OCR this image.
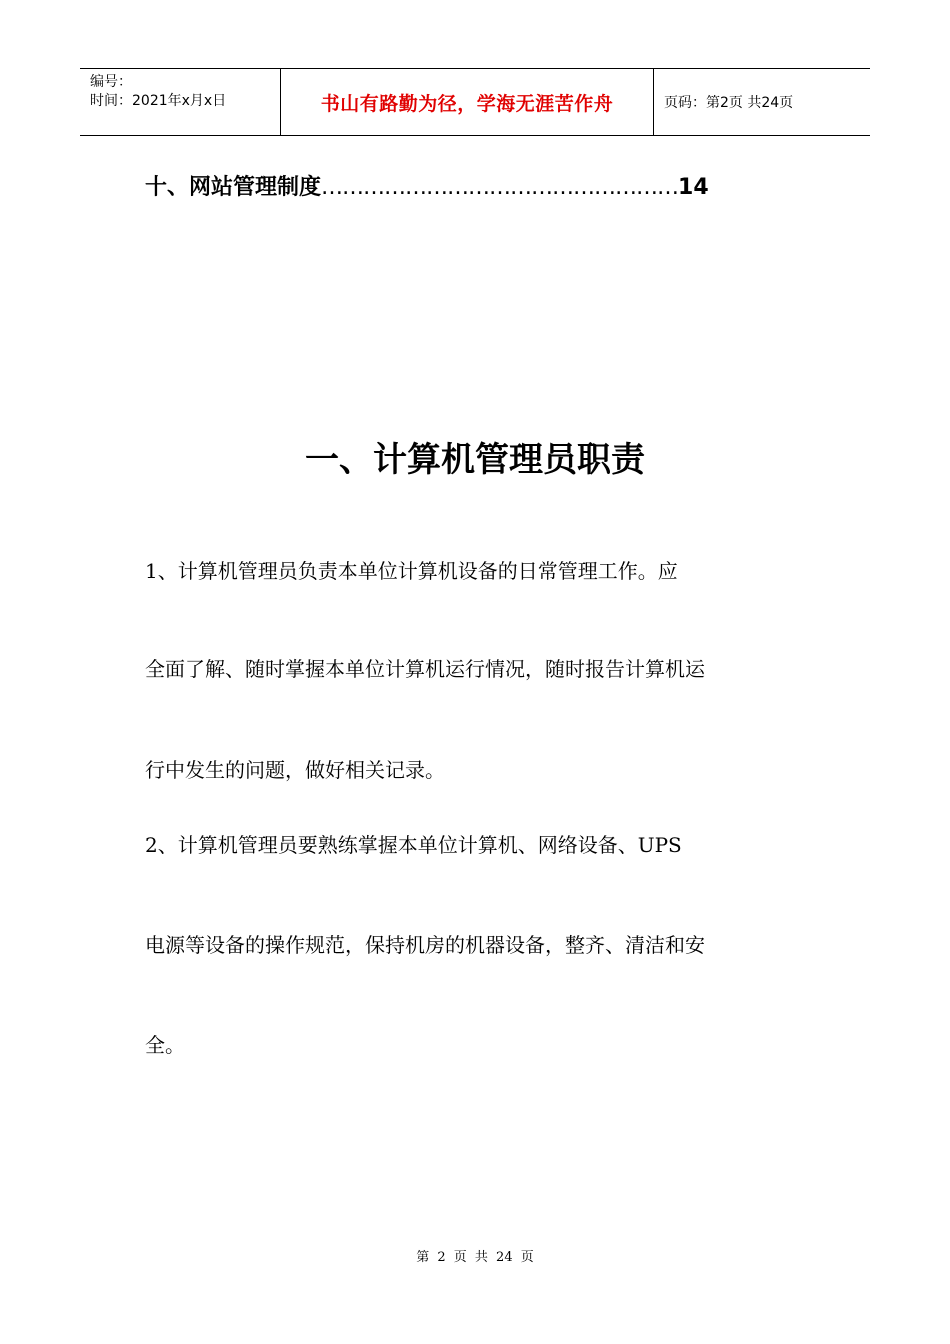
编号：
时间：2021年x月x日	书山有路勤为径，学海无涯苦作舟	页码：第2页 共24页
十、网站管理制度……………………………………………14
一、计算机管理员职责
1、计算机管理员负责本单位计算机设备的日常管理工作。应
全面了解、随时掌握本单位计算机运行情况，随时报告计算机运
行中发生的问题，做好相关记录。
2、计算机管理员要熟练掌握本单位计算机、网络设备、UPS
电源等设备的操作规范，保持机房的机器设备，整齐、清洁和安
全。
第 2 页 共 24 页
